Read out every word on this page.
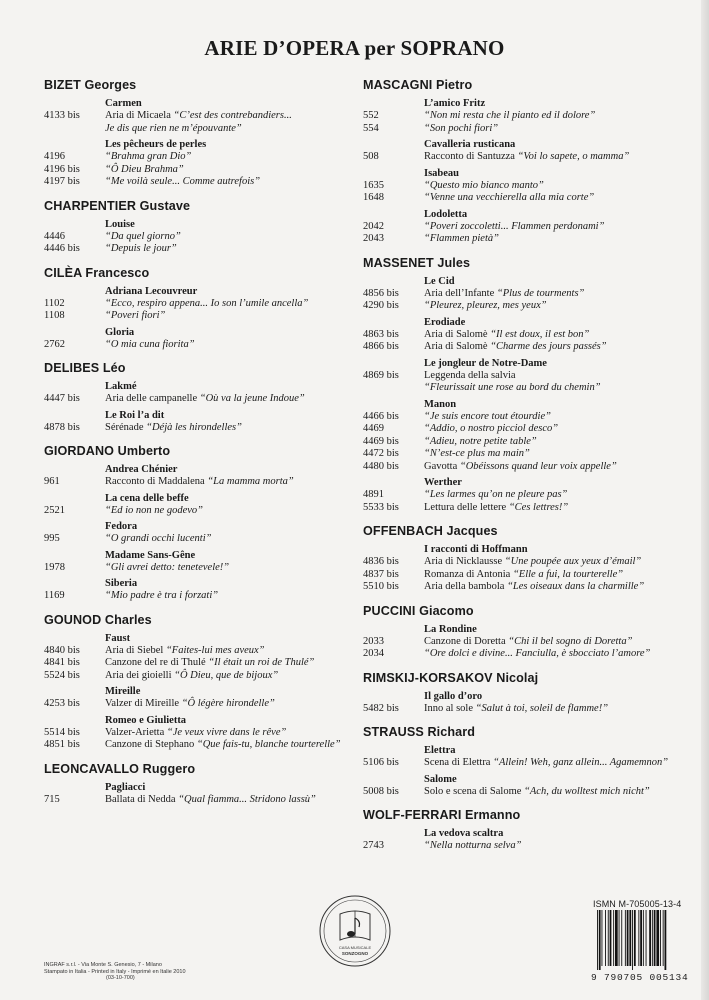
ARIE D’OPERA per SOPRANO
BIZET Georges
Carmen
4133 bis	Aria di Micaela “C’est des contrebandiers...
Je dis que rien ne m’épouvante”
Les pêcheurs de perles
4196	“Brahma gran Dio”
4196 bis	“Ô Dieu Brahma”
4197 bis	“Me voilà seule... Comme autrefois”
CHARPENTIER Gustave
Louise
4446	“Da quel giorno”
4446 bis	“Depuis le jour”
CILÈA Francesco
Adriana Lecouvreur
1102	“Ecco, respiro appena... Io son l’umile ancella”
1108	“Poveri fiori”
Gloria
2762	“O mia cuna fiorita”
DELIBES Léo
Lakmé
4447 bis	Aria delle campanelle “Où va la jeune Indoue”
Le Roi l’a dit
4878 bis	Sérénade “Déjà les hirondelles”
GIORDANO Umberto
Andrea Chénier
961	Racconto di Maddalena “La mamma morta”
La cena delle beffe
2521	“Ed io non ne godevo”
Fedora
995	“O grandi occhi lucenti”
Madame Sans-Gêne
1978	“Gli avrei detto: tenetevele!”
Siberia
1169	“Mio padre è tra i forzati”
GOUNOD Charles
Faust
4840 bis	Aria di Siebel “Faites-lui mes aveux”
4841 bis	Canzone del re di Thulé “Il était un roi de Thulé”
5524 bis	Aria dei gioielli “Ô Dieu, que de bijoux”
Mireille
4253 bis	Valzer di Mireille “Ô légère hirondelle”
Romeo e Giulietta
5514 bis	Valzer-Arietta “Je veux vivre dans le rêve”
4851 bis	Canzone di Stephano “Que fais-tu, blanche tourterelle”
LEONCAVALLO Ruggero
Pagliacci
715	Ballata di Nedda “Qual fiamma... Stridono lassù”
MASCAGNI Pietro
L’amico Fritz
552	“Non mi resta che il pianto ed il dolore”
554	“Son pochi fiori”
Cavalleria rusticana
508	Racconto di Santuzza “Voi lo sapete, o mamma”
Isabeau
1635	“Questo mio bianco manto”
1648	“Venne una vecchierella alla mia corte”
Lodoletta
2042	“Poveri zoccoletti... Flammen perdonami”
2043	“Flammen pietà”
MASSENET Jules
Le Cid
4856 bis	Aria dell’Infante “Plus de tourments”
4290 bis	“Pleurez, pleurez, mes yeux”
Erodiade
4863 bis	Aria di Salomè “Il est doux, il est bon”
4866 bis	Aria di Salomè “Charme des jours passés”
Le jongleur de Notre-Dame
4869 bis	Leggenda della salvia
“Fleurissait une rose au bord du chemin”
Manon
4466 bis	“Je suis encore tout étourdie”
4469	“Addio, o nostro picciol desco”
4469 bis	“Adieu, notre petite table”
4472 bis	“N’est-ce plus ma main”
4480 bis	Gavotta “Obéissons quand leur voix appelle”
Werther
4891	“Les larmes qu’on ne pleure pas”
5533 bis	Lettura delle lettere “Ces lettres!”
OFFENBACH Jacques
I racconti di Hoffmann
4836 bis	Aria di Nicklausse “Une poupée aux yeux d’émail”
4837 bis	Romanza di Antonia “Elle a fui, la tourterelle”
5510 bis	Aria della bambola “Les oiseaux dans la charmille”
PUCCINI Giacomo
La Rondine
2033	Canzone di Doretta “Chi il bel sogno di Doretta”
2034	“Ore dolci e divine... Fanciulla, è sbocciato l’amore”
RIMSKIJ-KORSAKOV Nicolaj
Il gallo d’oro
5482 bis	Inno al sole “Salut à toi, soleil de flamme!”
STRAUSS Richard
Elettra
5106 bis	Scena di Elettra “Allein! Weh, ganz allein... Agamemnon”
Salome
5008 bis	Solo e scena di Salome “Ach, du wolltest mich nicht”
WOLF-FERRARI Ermanno
La vedova scaltra
2743	“Nella notturna selva”
INGRAF s.r.l. - Via Monte S. Genesio, 7 - Milano
Stampato in Italia - Printed in Italy - Imprimé en Italie 2010
(03-10-700)
CASA MUSICALE
SONZOGNO
ISMN M-705005-13-4
9 790705 005134
